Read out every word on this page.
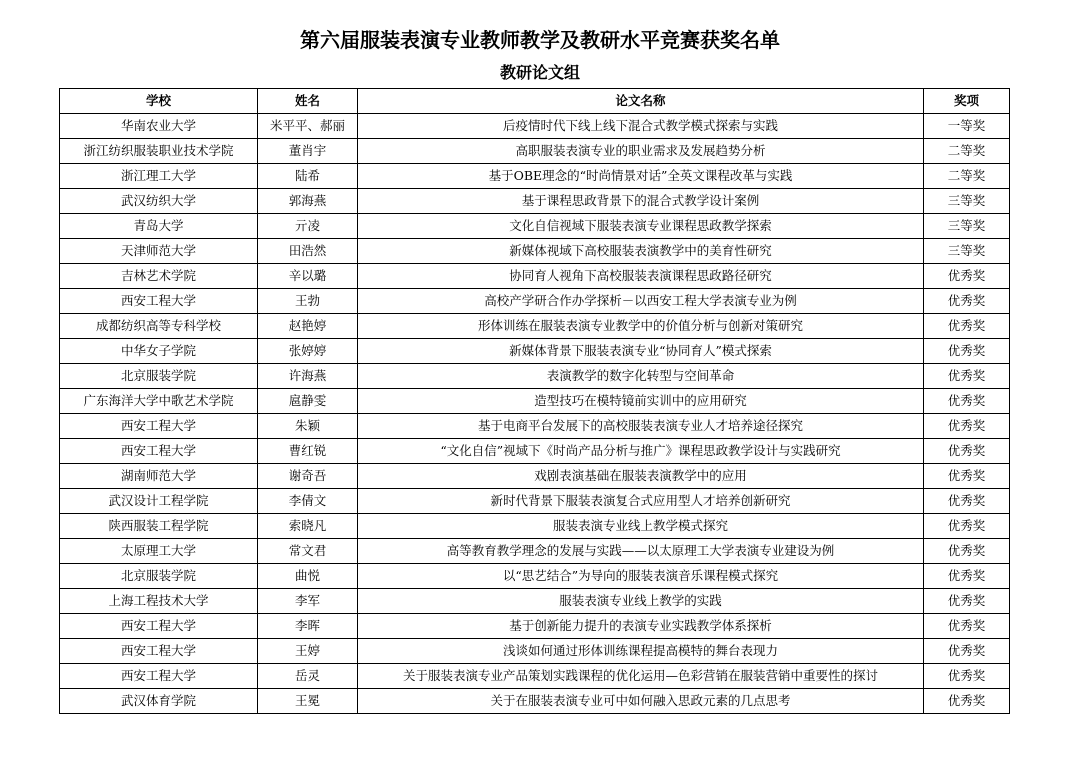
第六届服装表演专业教师教学及教研水平竞赛获奖名单
教研论文组
学校	姓名	论文名称	奖项
华南农业大学	米平平、郝丽	后疫情时代下线上线下混合式教学模式探索与实践	一等奖
浙江纺织服装职业技术学院	董肖宇	高职服装表演专业的职业需求及发展趋势分析	二等奖
浙江理工大学	陆希	基于OBE理念的“时尚情景对话”全英文课程改革与实践	二等奖
武汉纺织大学	郭海燕	基于课程思政背景下的混合式教学设计案例	三等奖
青岛大学	亓凌	文化自信视域下服装表演专业课程思政教学探索	三等奖
天津师范大学	田浩然	新媒体视域下高校服装表演教学中的美育性研究	三等奖
吉林艺术学院	辛以璐	协同育人视角下高校服装表演课程思政路径研究	优秀奖
西安工程大学	王勃	高校产学研合作办学探析－以西安工程大学表演专业为例	优秀奖
成都纺织高等专科学校	赵艳婷	形体训练在服装表演专业教学中的价值分析与创新对策研究	优秀奖
中华女子学院	张婷婷	新媒体背景下服装表演专业“协同育人”模式探索	优秀奖
北京服装学院	许海燕	表演教学的数字化转型与空间革命	优秀奖
广东海洋大学中歌艺术学院	扈静雯	造型技巧在模特镜前实训中的应用研究	优秀奖
西安工程大学	朱颖	基于电商平台发展下的高校服装表演专业人才培养途径探究	优秀奖
西安工程大学	曹红锐	“文化自信”视域下《时尚产品分析与推广》课程思政教学设计与实践研究	优秀奖
湖南师范大学	谢奇吾	戏剧表演基础在服装表演教学中的应用	优秀奖
武汉设计工程学院	李倩文	新时代背景下服装表演复合式应用型人才培养创新研究	优秀奖
陕西服装工程学院	索晓凡	服装表演专业线上教学模式探究	优秀奖
太原理工大学	常文君	高等教育教学理念的发展与实践——以太原理工大学表演专业建设为例	优秀奖
北京服装学院	曲悦	以“思艺结合”为导向的服装表演音乐课程模式探究	优秀奖
上海工程技术大学	李军	服装表演专业线上教学的实践	优秀奖
西安工程大学	李晖	基于创新能力提升的表演专业实践教学体系探析	优秀奖
西安工程大学	王婷	浅谈如何通过形体训练课程提高模特的舞台表现力	优秀奖
西安工程大学	岳灵	关于服装表演专业产品策划实践课程的优化运用—色彩营销在服装营销中重要性的探讨	优秀奖
武汉体育学院	王冕	关于在服装表演专业可中如何融入思政元素的几点思考	优秀奖
